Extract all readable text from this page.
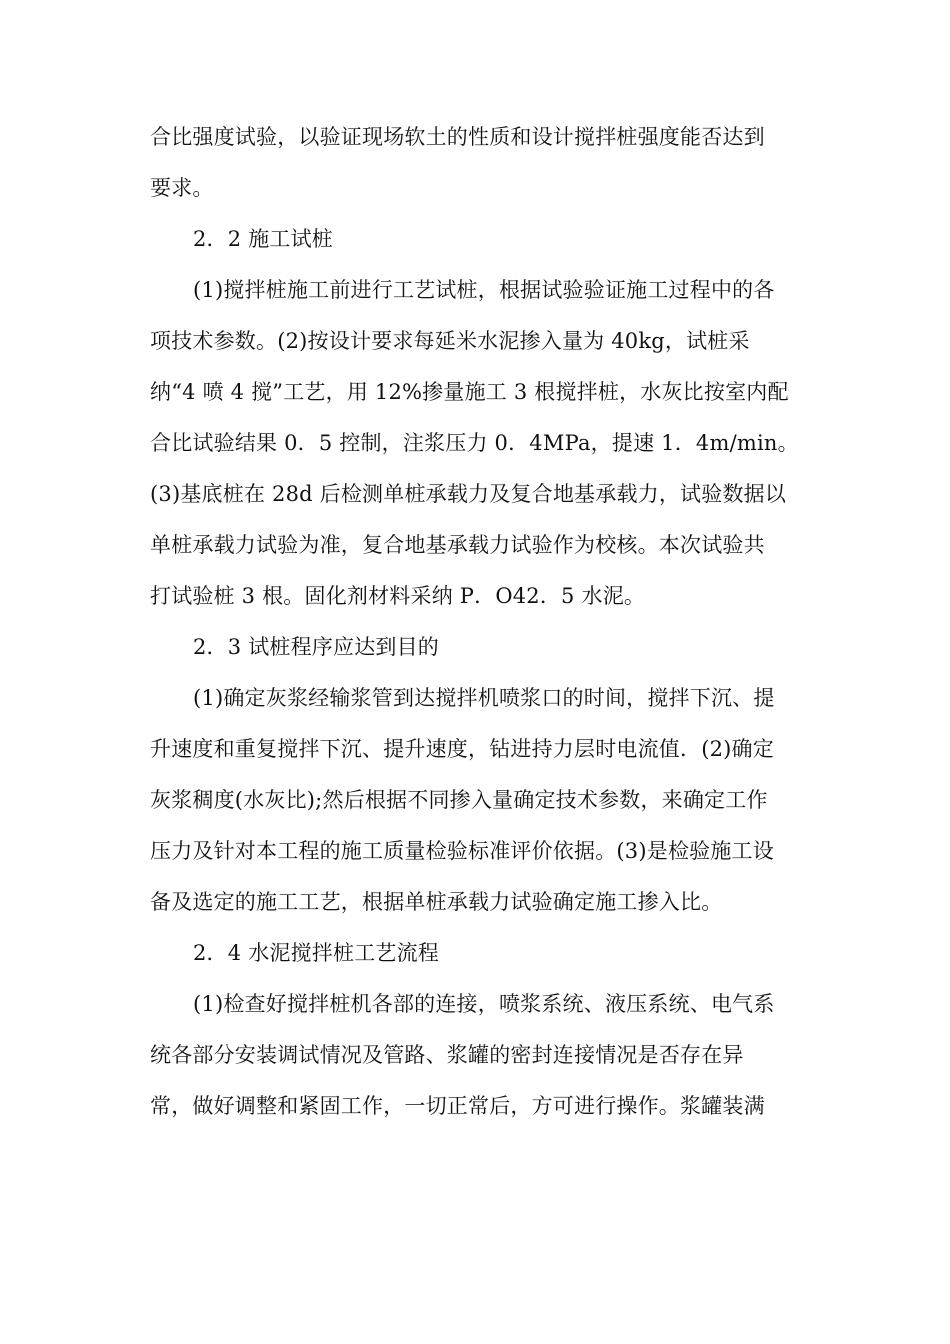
合比强度试验，以验证现场软土的性质和设计搅拌桩强度能否达到
要求。
2．2 施工试桩
(1)搅拌桩施工前进行工艺试桩，根据试验验证施工过程中的各
项技术参数。(2)按设计要求每延米水泥掺入量为 40kg，试桩采
纳“4 喷 4 搅”工艺，用 12%掺量施工 3 根搅拌桩，水灰比按室内配
合比试验结果 0．5 控制，注浆压力 0．4MPa，提速 1．4m/min。
(3)基底桩在 28d 后检测单桩承载力及复合地基承载力，试验数据以
单桩承载力试验为准，复合地基承载力试验作为校核。本次试验共
打试验桩 3 根。固化剂材料采纳 P．O42．5 水泥。
2．3 试桩程序应达到目的
(1)确定灰浆经输浆管到达搅拌机喷浆口的时间，搅拌下沉、提
升速度和重复搅拌下沉、提升速度，钻进持力层时电流值．(2)确定
灰浆稠度(水灰比);然后根据不同掺入量确定技术参数，来确定工作
压力及针对本工程的施工质量检验标准评价依据。(3)是检验施工设
备及选定的施工工艺，根据单桩承载力试验确定施工掺入比。
2．4 水泥搅拌桩工艺流程
(1)检查好搅拌桩机各部的连接，喷浆系统、液压系统、电气系
统各部分安装调试情况及管路、浆罐的密封连接情况是否存在异
常，做好调整和紧固工作，一切正常后，方可进行操作。浆罐装满
